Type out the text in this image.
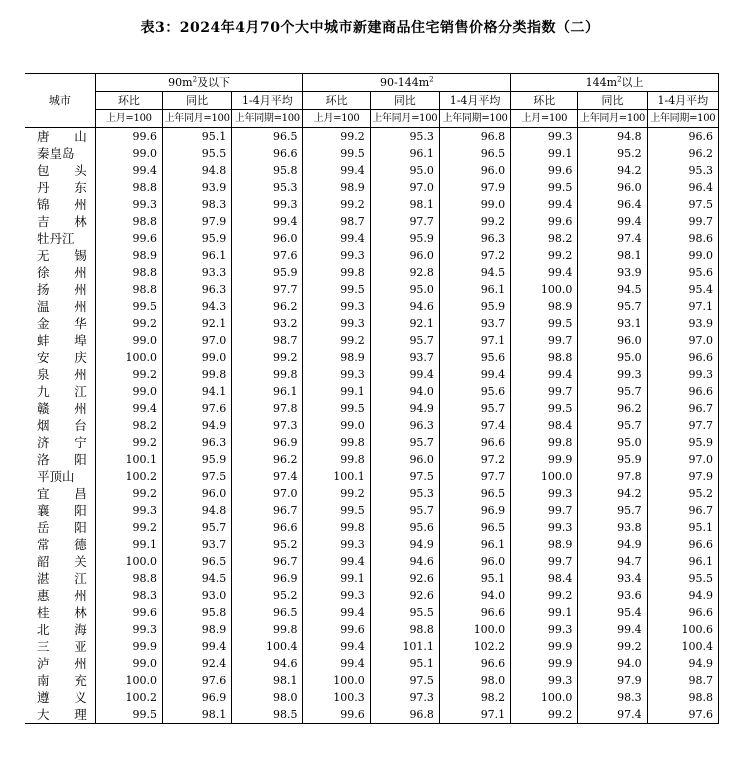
表3：2024年4月70个大中城市新建商品住宅销售价格分类指数（二）
城市	$90m^2$及以下			$90-144m^2$			$144m^2$以上		
	环比	同比	1-4月平均	环比	同比	1-4月平均	环比	同比	1-4月平均
	上月=100	上年同月=100	上年同期=100	上月=100	上年同月=100	上年同期=100	上月=100	上年同月=100	上年同期=100

唐 山	99.6	95.1	96.5	99.2	95.3	96.8	99.3	94.8	96.6

秦 皇 岛	99.0	95.5	96.6	99.5	96.1	96.5	99.1	95.2	96.2

包 头	99.4	94.8	95.8	99.4	95.0	96.0	99.6	94.2	95.3

丹 东	98.8	93.9	95.3	98.9	97.0	97.9	99.5	96.0	96.4

锦 州	99.3	98.3	99.3	99.2	98.1	99.0	99.4	96.4	97.5

吉 林	98.8	97.9	99.4	98.7	97.7	99.2	99.6	99.4	99.7

牡 丹 江	99.6	95.9	96.0	99.4	95.9	96.3	98.2	97.4	98.6

无 锡	98.9	96.1	97.6	99.3	96.0	97.2	99.2	98.1	99.0

徐 州	98.8	93.3	95.9	99.8	92.8	94.5	99.4	93.9	95.6

扬 州	98.8	96.3	97.7	99.5	95.0	96.1	100.0	94.5	95.4

温 州	99.5	94.3	96.2	99.3	94.6	95.9	98.9	95.7	97.1

金 华	99.2	92.1	93.2	99.3	92.1	93.7	99.5	93.1	93.9

蚌 埠	99.0	97.0	98.7	99.2	95.7	97.1	99.7	96.0	97.0

安 庆	100.0	99.0	99.2	98.9	93.7	95.6	98.8	95.0	96.6

泉 州	99.2	99.8	99.8	99.3	99.4	99.4	99.4	99.3	99.3

九 江	99.0	94.1	96.1	99.1	94.0	95.6	99.7	95.7	96.6

赣 州	99.4	97.6	97.8	99.5	94.9	95.7	99.5	96.2	96.7

烟 台	98.2	94.9	97.3	99.0	96.3	97.4	98.4	95.7	97.7

济 宁	99.2	96.3	96.9	99.8	95.7	96.6	99.8	95.0	95.9

洛 阳	100.1	95.9	96.2	99.8	96.0	97.2	99.9	95.9	97.0

平 顶 山	100.2	97.5	97.4	100.1	97.5	97.7	100.0	97.8	97.9

宜 昌	99.2	96.0	97.0	99.2	95.3	96.5	99.3	94.2	95.2

襄 阳	99.3	94.8	96.7	99.5	95.7	96.9	99.7	95.7	96.7

岳 阳	99.2	95.7	96.6	99.8	95.6	96.5	99.3	93.8	95.1

常 德	99.1	93.7	95.2	99.3	94.9	96.1	98.9	94.9	96.6

韶 关	100.0	96.5	96.7	99.4	94.6	96.0	99.7	94.7	96.1

湛 江	98.8	94.5	96.9	99.1	92.6	95.1	98.4	93.4	95.5

惠 州	98.3	93.0	95.2	99.3	92.6	94.0	99.2	93.6	94.9

桂 林	99.6	95.8	96.5	99.4	95.5	96.6	99.1	95.4	96.6

北 海	99.3	98.9	99.8	99.6	98.8	100.0	99.3	99.4	100.6

三 亚	99.9	99.4	100.4	99.4	101.1	102.2	99.9	99.2	100.4

泸 州	99.0	92.4	94.6	99.4	95.1	96.6	99.9	94.0	94.9

南 充	100.0	97.6	98.1	100.0	97.5	98.0	99.3	97.9	98.7

遵 义	100.2	96.9	98.0	100.3	97.3	98.2	100.0	98.3	98.8

大 理	99.5	98.1	98.5	99.6	96.8	97.1	99.2	97.4	97.6
